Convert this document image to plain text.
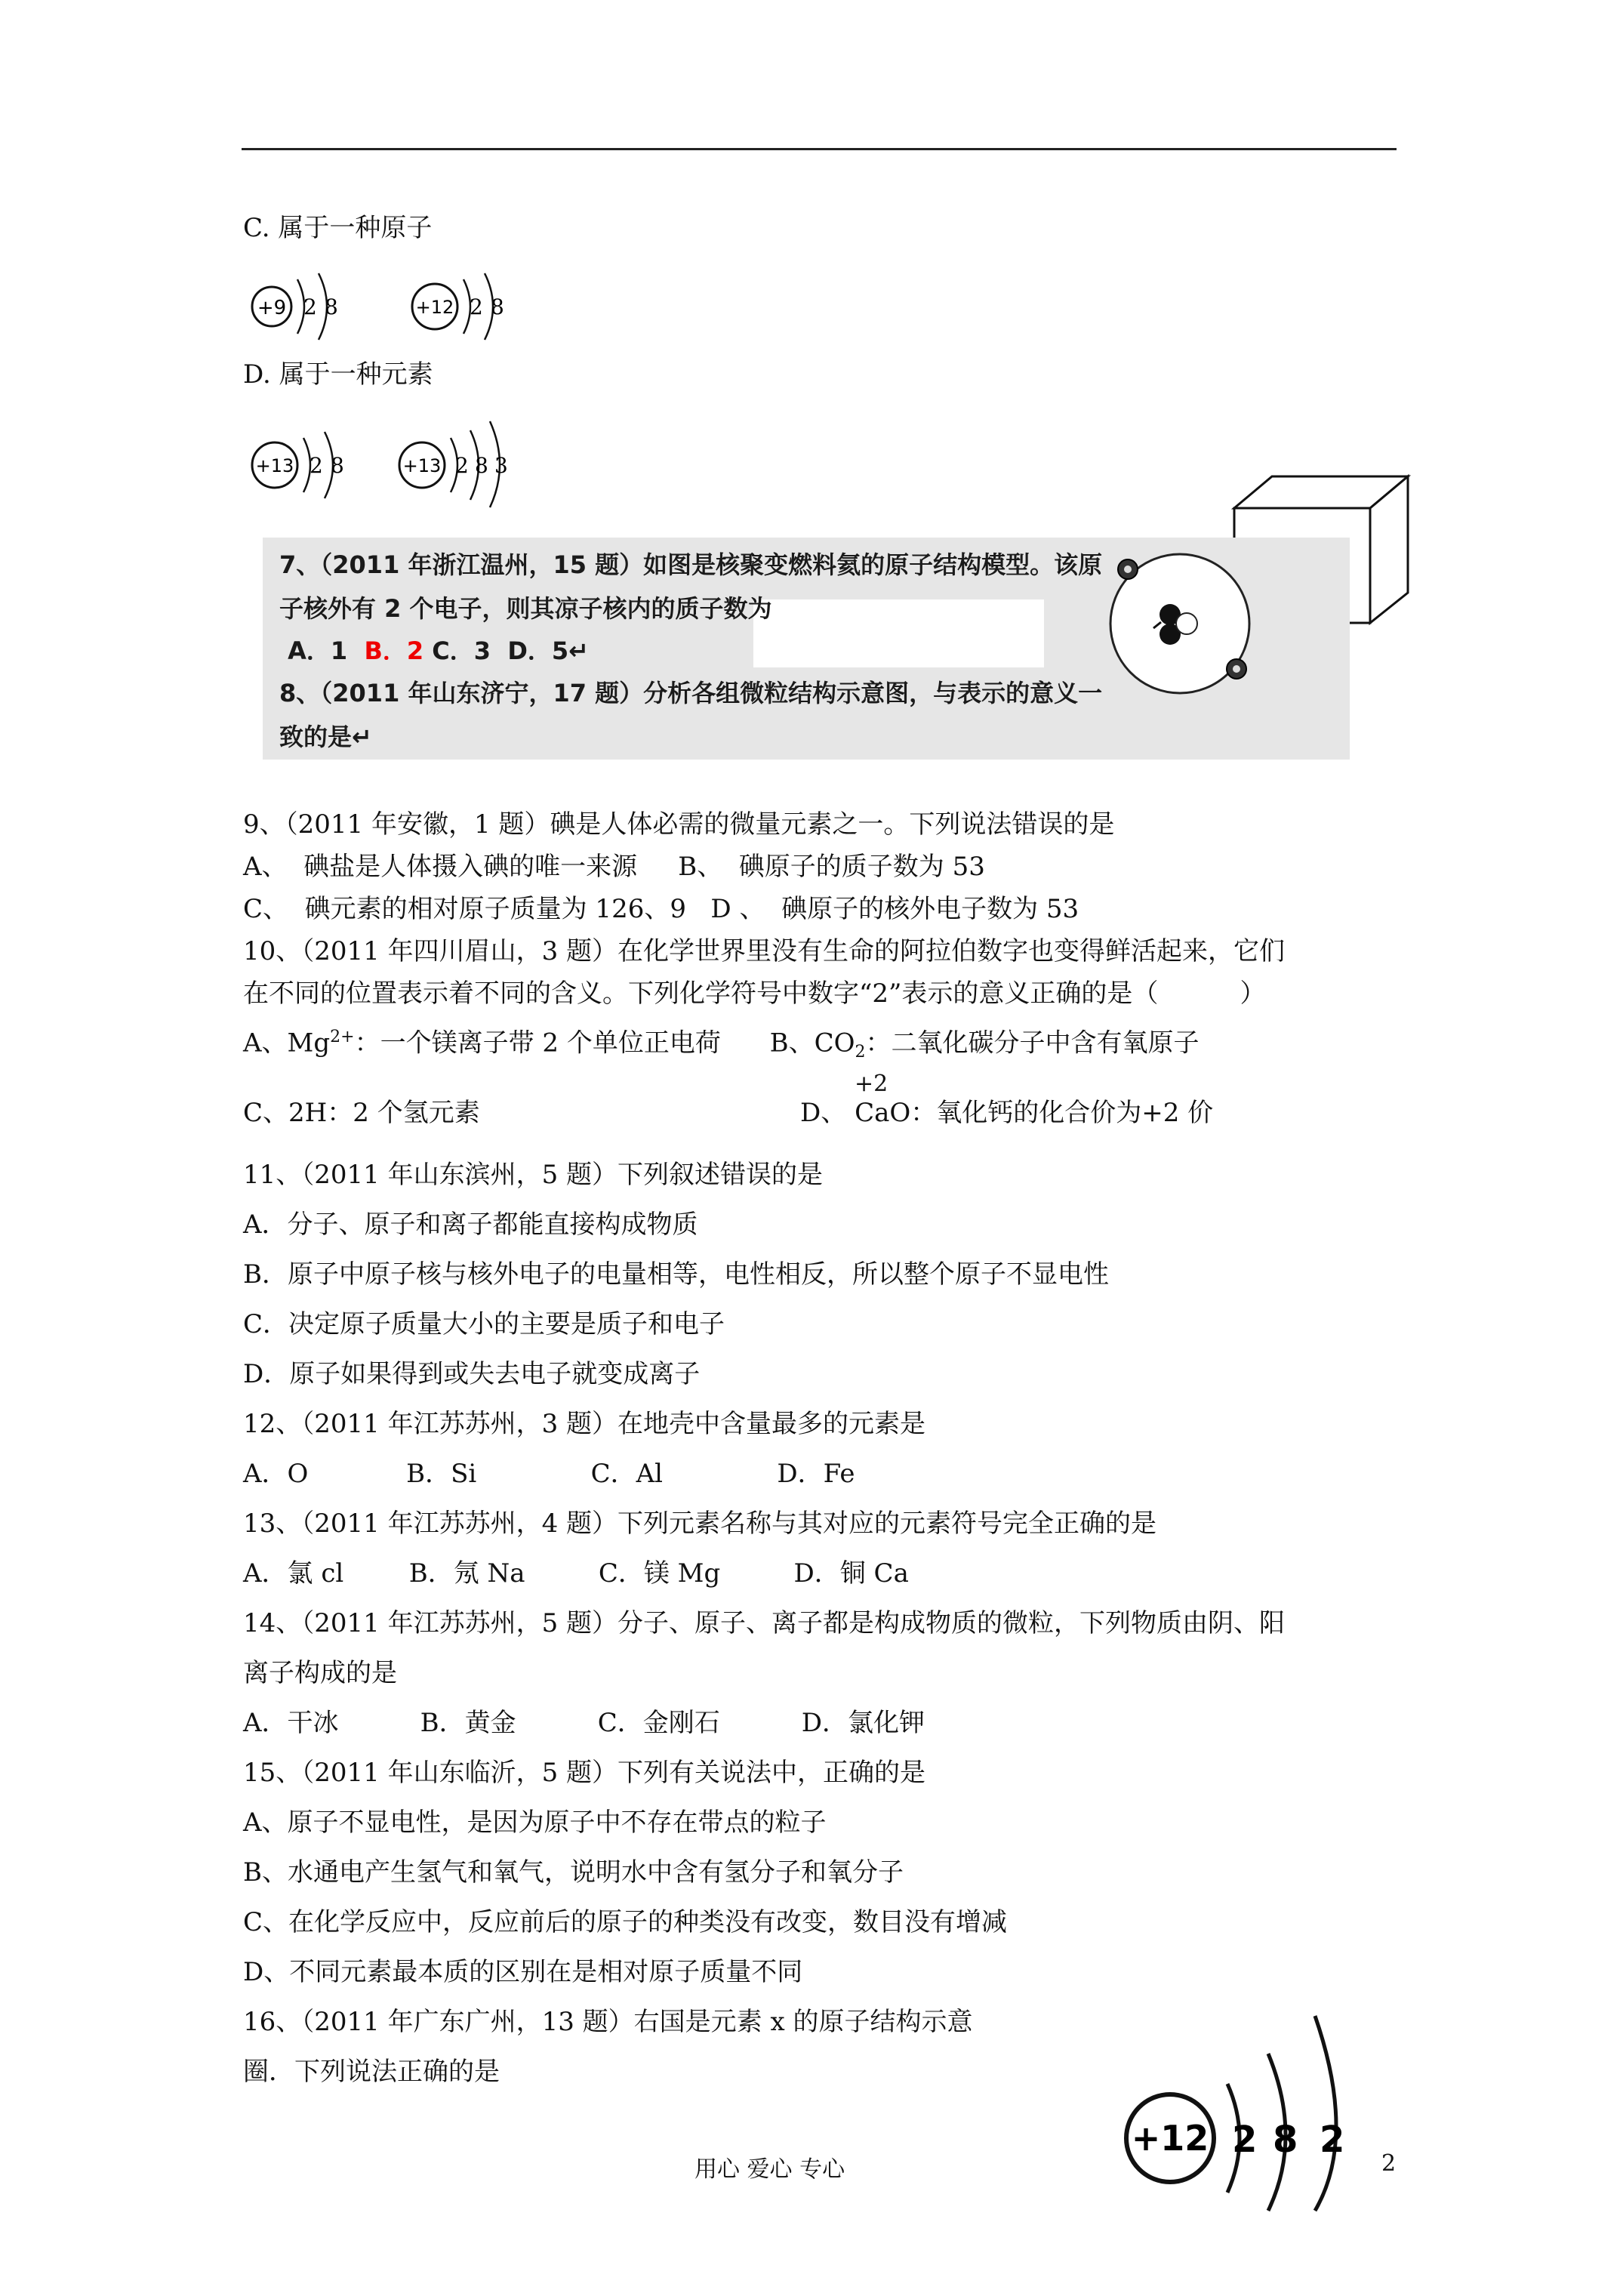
C. 属于一种原子
+9 2 8	+12 2 8
D. 属于一种元素
+13 2 8	+13 2 8 3
7、（2011 年浙江温州，15 题）如图是核聚变燃料氦的原子结构模型。该原
子核外有 2 个电子，则其凉子核内的质子数为
A．1  B．2 C．3  D．5↵
8、（2011 年山东济宁，17 题）分析各组微粒结构示意图，与表示的意义一
致的是↵
9、（2011 年安徽，1 题）碘是人体必需的微量元素之一。下列说法错误的是
A、  碘盐是人体摄入碘的唯一来源     B、  碘原子的质子数为 53
C、  碘元素的相对原子质量为 126、9   D 、  碘原子的核外电子数为 53
10、（2011 年四川眉山，3 题）在化学世界里没有生命的阿拉伯数字也变得鲜活起来，它们
在不同的位置表示着不同的含义。下列化学符号中数字“2”表示的意义正确的是（          ）
A、$Mg^{2+}$：一个镁离子带 2 个单位正电荷      B、$CO_2$：二氧化碳分子中含有氧原子
+2
C、2H：2 个氢元素	D、 CaO：氧化钙的化合价为+2 价
11、（2011 年山东滨州，5 题）下列叙述错误的是
A．分子、原子和离子都能直接构成物质
B．原子中原子核与核外电子的电量相等，电性相反，所以整个原子不显电性
C．决定原子质量大小的主要是质子和电子
D．原子如果得到或失去电子就变成离子
12、（2011 年江苏苏州，3 题）在地壳中含量最多的元素是
A．O            B．Si              C．Al              D．Fe
13、（2011 年江苏苏州，4 题）下列元素名称与其对应的元素符号完全正确的是
A．氯 cl        B．氖 Na         C．镁 Mg         D．铜 Ca
14、（2011 年江苏苏州，5 题）分子、原子、离子都是构成物质的微粒，下列物质由阴、阳
离子构成的是
A．干冰          B．黄金          C．金刚石          D．氯化钾
15、（2011 年山东临沂，5 题）下列有关说法中，正确的是
A、原子不显电性，是因为原子中不存在带点的粒子
B、水通电产生氢气和氧气，说明水中含有氢分子和氧分子
C、在化学反应中，反应前后的原子的种类没有改变，数目没有增减
D、不同元素最本质的区别在是相对原子质量不同
16、（2011 年广东广州，13 题）右国是元素 x 的原子结构示意
圈．下列说法正确的是
+12 2 8 2
用心 爱心 专心	2
